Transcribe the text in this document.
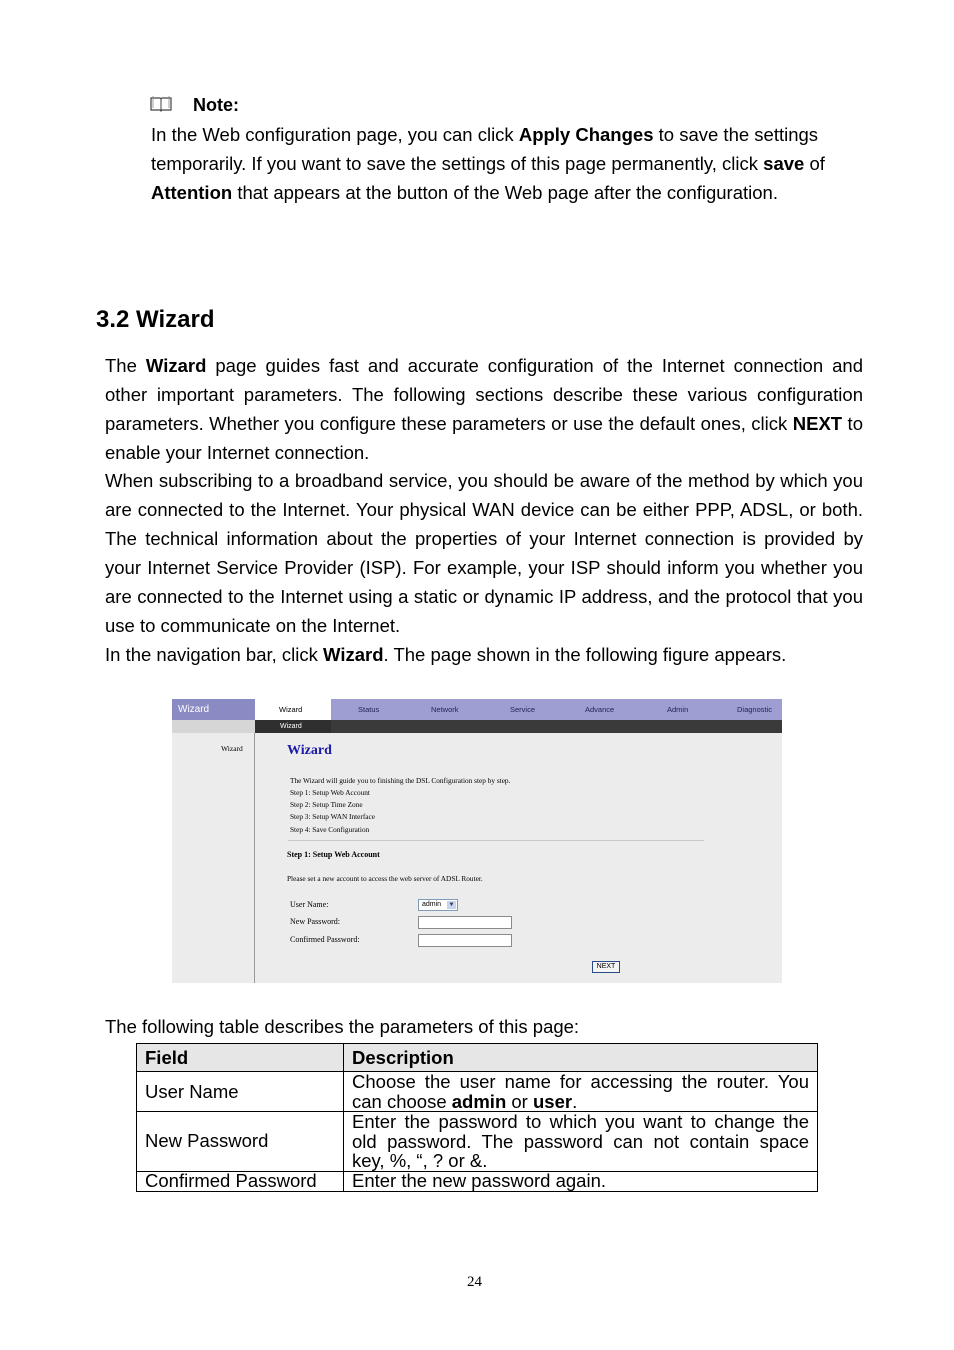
Note:
In the Web configuration page, you can click Apply Changes to save the settings temporarily. If you want to save the settings of this page permanently, click save of Attention that appears at the button of the Web page after the configuration.
3.2 Wizard
The Wizard page guides fast and accurate configuration of the Internet connection and other important parameters. The following sections describe these various configuration parameters. Whether you configure these parameters or use the default ones, click NEXT to enable your Internet connection.
When subscribing to a broadband service, you should be aware of the method by which you are connected to the Internet. Your physical WAN device can be either PPP, ADSL, or both. The technical information about the properties of your Internet connection is provided by your Internet Service Provider (ISP). For example, your ISP should inform you whether you are connected to the Internet using a static or dynamic IP address, and the protocol that you use to communicate on the Internet.
In the navigation bar, click Wizard. The page shown in the following figure appears.
Wizard	Wizard	Status	Network	Service	Advance	Admin	Diagnostic
Wizard
Wizard	Wizard
The Wizard will guide you to finishing the DSL Configuration step by step.
Step 1: Setup Web Account
Step 2: Setup Time Zone
Step 3: Setup WAN Interface
Step 4: Save Configuration
Step 1: Setup Web Account
Please set a new account to access the web server of ADSL Router.
User Name:	admin ▼
New Password:
Confirmed Password:
NEXT
The following table describes the parameters of this page:
Field	Description
User Name	Choose the user name for accessing the router. You can choose admin or user.
New Password	Enter the password to which you want to change the old password. The password can not contain space key, %, “, ? or &.
Confirmed Password	Enter the new password again.
24
